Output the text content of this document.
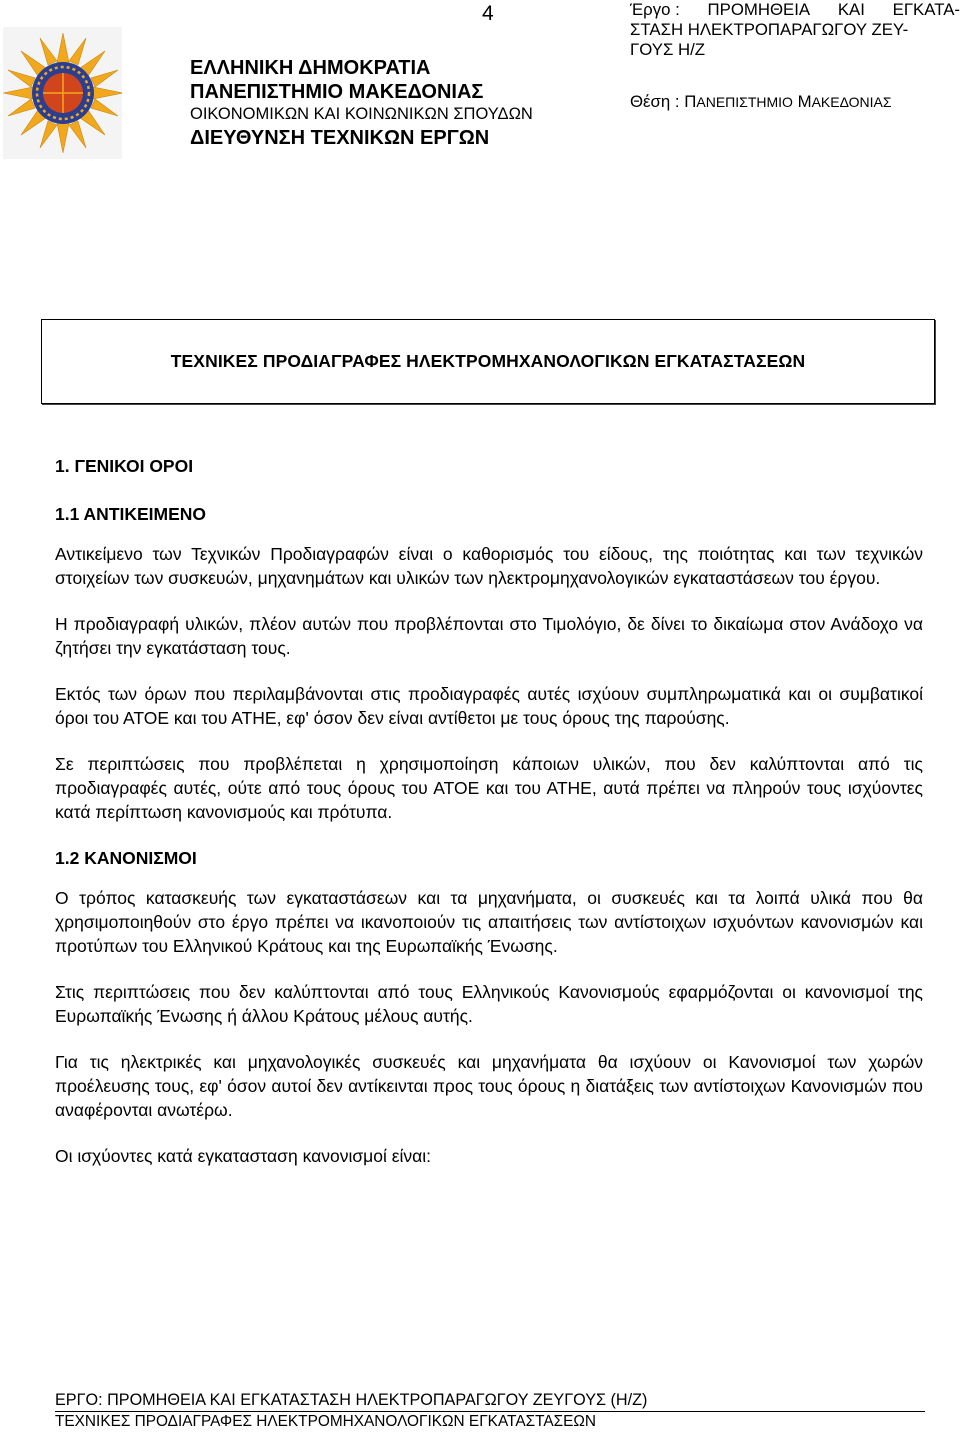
4
ΕΛΛΗΝΙΚΗ ΔΗΜΟΚΡΑΤΙΑ
ΠΑΝΕΠΙΣΤΗΜΙΟ ΜΑΚΕΔΟΝΙΑΣ
ΟΙΚΟΝΟΜΙΚΩΝ ΚΑΙ ΚΟΙΝΩΝΙΚΩΝ ΣΠΟΥΔΩΝ
ΔΙΕΥΘΥΝΣΗ ΤΕΧΝΙΚΩΝ ΕΡΓΩΝ
Έργο : ΠΡΟΜΗΘΕΙΑ ΚΑΙ ΕΓΚΑΤΑ-
ΣΤΑΣΗ ΗΛΕΚΤΡΟΠΑΡΑΓΩΓΟΥ ΖΕΥ-
ΓΟΥΣ Η/Ζ
Θέση : ΠΑΝΕΠΙΣΤΗΜΙΟ ΜΑΚΕΔΟΝΙΑΣ
ΤΕΧΝΙΚΕΣ ΠΡΟΔΙΑΓΡΑΦΕΣ ΗΛΕΚΤΡΟΜΗΧΑΝΟΛΟΓΙΚΩΝ ΕΓΚΑΤΑΣΤΑΣΕΩΝ
1. ΓΕΝΙΚΟΙ ΟΡΟΙ
1.1 ΑΝΤΙΚΕΙΜΕΝΟ

Αντικείμενο των Τεχνικών Προδιαγραφών είναι ο καθορισμός του είδους, της ποιότητας και των τεχνικών στοιχείων των συσκευών, μηχανημάτων και υλικών των ηλεκτρομηχανολογικών εγκαταστάσεων του έργου.

Η προδιαγραφή υλικών, πλέον αυτών που προβλέπονται στο Τιμολόγιο, δε δίνει το δικαίωμα στον Ανάδοχο να ζητήσει την εγκατάσταση τους.

Εκτός των όρων που περιλαμβάνονται στις προδιαγραφές αυτές ισχύουν συμπληρωματικά και οι συμβατικοί όροι του ΑΤΟΕ και του ΑΤΗΕ, εφ' όσον δεν είναι αντίθετοι με τους όρους της παρούσης.

Σε περιπτώσεις που προβλέπεται η χρησιμοποίηση κάποιων υλικών, που δεν καλύπτονται από τις προδιαγραφές αυτές, ούτε από τους όρους του ΑΤΟΕ και του ΑΤΗΕ, αυτά πρέπει να πληρούν τους ισχύοντες κατά περίπτωση κανονισμούς και πρότυπα.

1.2 ΚΑΝΟΝΙΣΜΟΙ

Ο τρόπος κατασκευής των εγκαταστάσεων και τα μηχανήματα, οι συσκευές και τα λοιπά υλικά που θα χρησιμοποιηθούν στο έργο πρέπει να ικανοποιούν τις απαιτήσεις των αντίστοιχων ισχυόντων κανονισμών και προτύπων του Ελληνικού Κράτους και της Ευρωπαϊκής Ένωσης.

Στις περιπτώσεις που δεν καλύπτονται από τους Ελληνικούς Κανονισμούς εφαρμόζονται οι κανονισμοί της Ευρωπαϊκής Ένωσης ή άλλου Κράτους μέλους αυτής.

Για τις ηλεκτρικές και μηχανολογικές συσκευές και μηχανήματα θα ισχύουν οι Κανονισμοί των χωρών προέλευσης τους, εφ' όσον αυτοί δεν αντίκεινται προς τους όρους η διατάξεις των αντίστοιχων Κανονισμών που αναφέρονται ανωτέρω.

Οι ισχύοντες κατά εγκατασταση κανονισμοί είναι:

ΕΡΓΟ: ΠΡΟΜΗΘΕΙΑ ΚΑΙ ΕΓΚΑΤΑΣΤΑΣΗ ΗΛΕΚΤΡΟΠΑΡΑΓΩΓΟΥ ΖΕΥΓΟΥΣ (Η/Ζ)
ΤΕΧΝΙΚΕΣ ΠΡΟΔΙΑΓΡΑΦΕΣ ΗΛΕΚΤΡΟΜΗΧΑΝΟΛΟΓΙΚΩΝ ΕΓΚΑΤΑΣΤΑΣΕΩΝ
